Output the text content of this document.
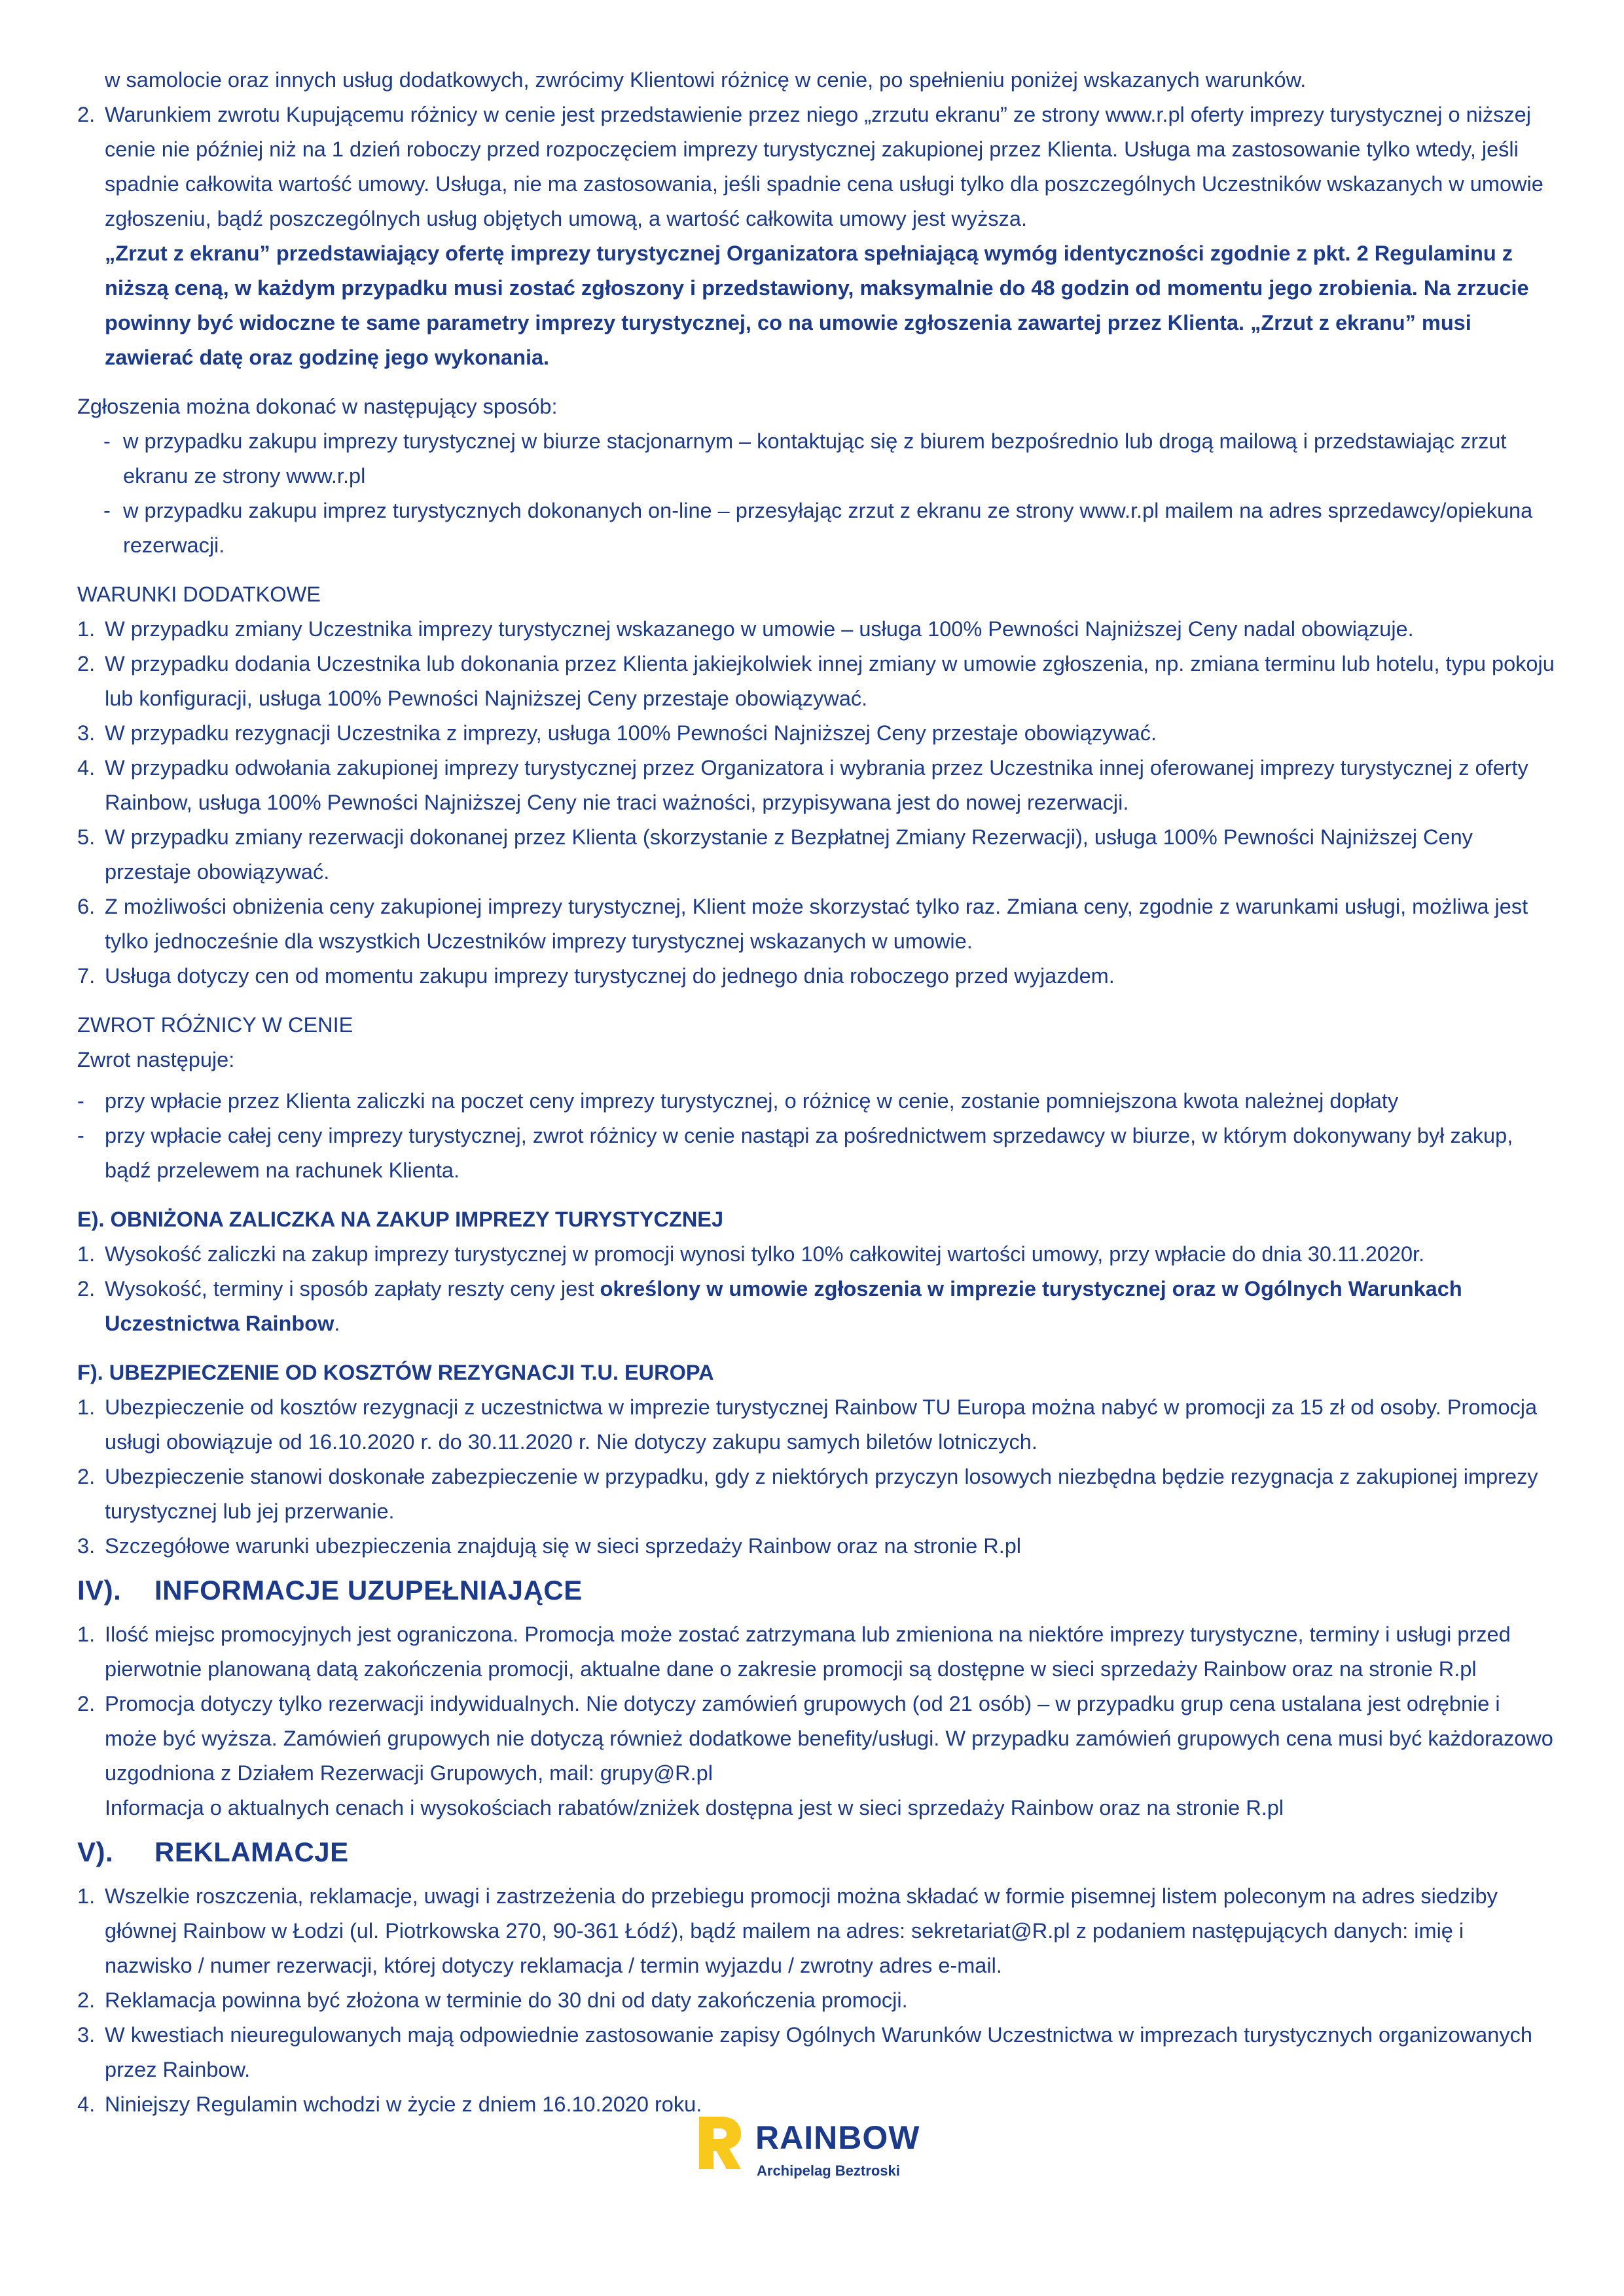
w samolocie oraz innych usług dodatkowych, zwrócimy Klientowi różnicę w cenie, po spełnieniu poniżej wskazanych warunków.

2. Warunkiem zwrotu Kupującemu różnicy w cenie jest przedstawienie przez niego „zrzutu ekranu” ze strony www.r.pl oferty imprezy turystycznej o niższej cenie nie później niż na 1 dzień roboczy przed rozpoczęciem imprezy turystycznej zakupionej przez Klienta. Usługa ma zastosowanie tylko wtedy, jeśli spadnie całkowita wartość umowy. Usługa, nie ma zastosowania, jeśli spadnie cena usługi tylko dla poszczególnych Uczestników wskazanych w umowie zgłoszeniu, bądź poszczególnych usług objętych umową, a wartość całkowita umowy jest wyższa.

„Zrzut z ekranu” przedstawiający ofertę imprezy turystycznej Organizatora spełniającą wymóg identyczności zgodnie z pkt. 2 Regulaminu z niższą ceną, w każdym przypadku musi zostać zgłoszony i przedstawiony, maksymalnie do 48 godzin od momentu jego zrobienia. Na zrzucie powinny być widoczne te same parametry imprezy turystycznej, co na umowie zgłoszenia zawartej przez Klienta. „Zrzut z ekranu” musi zawierać datę oraz godzinę jego wykonania.

Zgłoszenia można dokonać w następujący sposób:

- w przypadku zakupu imprezy turystycznej w biurze stacjonarnym – kontaktując się z biurem bezpośrednio lub drogą mailową i przedstawiając zrzut ekranu ze strony www.r.pl
- w przypadku zakupu imprez turystycznych dokonanych on-line – przesyłając zrzut z ekranu ze strony www.r.pl mailem na adres sprzedawcy/opiekuna rezerwacji.

WARUNKI DODATKOWE

1. W przypadku zmiany Uczestnika imprezy turystycznej wskazanego w umowie – usługa 100% Pewności Najniższej Ceny nadal obowiązuje.
2. W przypadku dodania Uczestnika lub dokonania przez Klienta jakiejkolwiek innej zmiany w umowie zgłoszenia, np. zmiana terminu lub hotelu, typu pokoju lub konfiguracji, usługa 100% Pewności Najniższej Ceny przestaje obowiązywać.
3. W przypadku rezygnacji Uczestnika z imprezy, usługa 100% Pewności Najniższej Ceny przestaje obowiązywać.
4. W przypadku odwołania zakupionej imprezy turystycznej przez Organizatora i wybrania przez Uczestnika innej oferowanej imprezy turystycznej z oferty Rainbow, usługa 100% Pewności Najniższej Ceny nie traci ważności, przypisywana jest do nowej rezerwacji.
5. W przypadku zmiany rezerwacji dokonanej przez Klienta (skorzystanie z Bezpłatnej Zmiany Rezerwacji), usługa 100% Pewności Najniższej Ceny przestaje obowiązywać.
6. Z możliwości obniżenia ceny zakupionej imprezy turystycznej, Klient może skorzystać tylko raz. Zmiana ceny, zgodnie z warunkami usługi, możliwa jest tylko jednocześnie dla wszystkich Uczestników imprezy turystycznej wskazanych w umowie.
7. Usługa dotyczy cen od momentu zakupu imprezy turystycznej do jednego dnia roboczego przed wyjazdem.

ZWROT RÓŻNICY W CENIE

Zwrot następuje:

- przy wpłacie przez Klienta zaliczki na poczet ceny imprezy turystycznej, o różnicę w cenie, zostanie pomniejszona kwota należnej dopłaty
- przy wpłacie całej ceny imprezy turystycznej, zwrot różnicy w cenie nastąpi za pośrednictwem sprzedawcy w biurze, w którym dokonywany był zakup, bądź przelewem na rachunek Klienta.

E). OBNIŻONA ZALICZKA NA ZAKUP IMPREZY TURYSTYCZNEJ

1. Wysokość zaliczki na zakup imprezy turystycznej w promocji wynosi tylko 10% całkowitej wartości umowy, przy wpłacie do dnia 30.11.2020r.
2. Wysokość, terminy i sposób zapłaty reszty ceny jest określony w umowie zgłoszenia w imprezie turystycznej oraz w Ogólnych Warunkach Uczestnictwa Rainbow.

F). UBEZPIECZENIE OD KOSZTÓW REZYGNACJI T.U. EUROPA

1. Ubezpieczenie od kosztów rezygnacji z uczestnictwa w imprezie turystycznej Rainbow TU Europa można nabyć w promocji za 15 zł od osoby. Promocja usługi obowiązuje od 16.10.2020 r. do 30.11.2020 r. Nie dotyczy zakupu samych biletów lotniczych.
2. Ubezpieczenie stanowi doskonałe zabezpieczenie w przypadku, gdy z niektórych przyczyn losowych niezbędna będzie rezygnacja z zakupionej imprezy turystycznej lub jej przerwanie.
3. Szczegółowe warunki ubezpieczenia znajdują się w sieci sprzedaży Rainbow oraz na stronie R.pl

IV). INFORMACJE UZUPEŁNIAJĄCE

1. Ilość miejsc promocyjnych jest ograniczona. Promocja może zostać zatrzymana lub zmieniona na niektóre imprezy turystyczne, terminy i usługi przed pierwotnie planowaną datą zakończenia promocji, aktualne dane o zakresie promocji są dostępne w sieci sprzedaży Rainbow oraz na stronie R.pl
2. Promocja dotyczy tylko rezerwacji indywidualnych. Nie dotyczy zamówień grupowych (od 21 osób) – w przypadku grup cena ustalana jest odrębnie i może być wyższa. Zamówień grupowych nie dotyczą również dodatkowe benefity/usługi. W przypadku zamówień grupowych cena musi być każdorazowo uzgodniona z Działem Rezerwacji Grupowych, mail: grupy@R.pl

Informacja o aktualnych cenach i wysokościach rabatów/zniżek dostępna jest w sieci sprzedaży Rainbow oraz na stronie R.pl

V). REKLAMACJE

1. Wszelkie roszczenia, reklamacje, uwagi i zastrzeżenia do przebiegu promocji można składać w formie pisemnej listem poleconym na adres siedziby głównej Rainbow w Łodzi (ul. Piotrkowska 270, 90-361 Łódź), bądź mailem na adres: sekretariat@R.pl z podaniem następujących danych: imię i nazwisko / numer rezerwacji, której dotyczy reklamacja / termin wyjazdu / zwrotny adres e-mail.
2. Reklamacja powinna być złożona w terminie do 30 dni od daty zakończenia promocji.
3. W kwestiach nieuregulowanych mają odpowiednie zastosowanie zapisy Ogólnych Warunków Uczestnictwa w imprezach turystycznych organizowanych przez Rainbow.
4. Niniejszy Regulamin wchodzi w życie z dniem 16.10.2020 roku.
RAINBOW
Archipelag Beztroski
